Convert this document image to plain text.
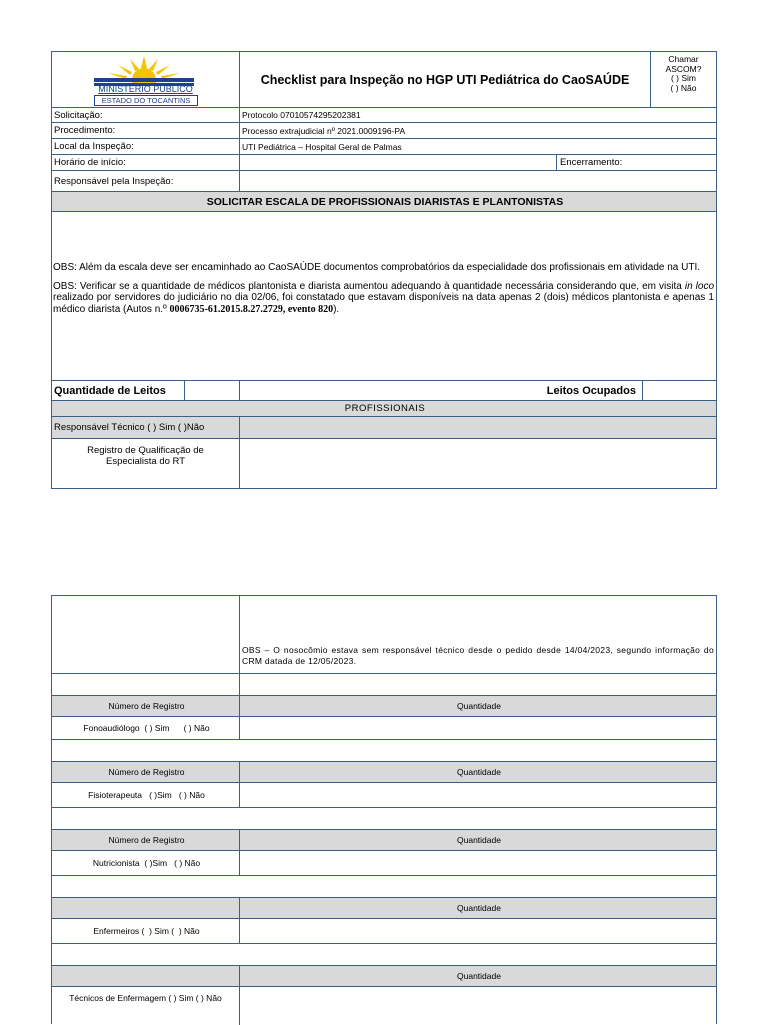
MINISTÉRIO PÚBLICO
ESTADO DO TOCANTINS
Checklist para Inspeção no HGP UTI Pediátrica do CaoSAÚDE
Chamar
ASCOM?
( ) Sim
( ) Não
Solicitação:	Protocolo 07010574295202381
Procedimento:	Processo extrajudicial nº 2021.0009196-PA
Local da Inspeção:	UTI Pediátrica – Hospital Geral de Palmas
Horário de início:	Encerramento:
Responsável pela Inspeção:
SOLICITAR ESCALA DE PROFISSIONAIS DIARISTAS E PLANTONISTAS

OBS: Além da escala deve ser encaminhado ao CaoSAÚDE documentos comprobatórios da especialidade dos profissionais em atividade na UTI.

OBS: Verificar se a quantidade de médicos plantonista e diarista aumentou adequando à quantidade necessária considerando que, em visita in loco realizado por servidores do judiciário no dia 02/06, foi constatado que estavam disponíveis na data apenas 2 (dois) médicos plantonista e apenas 1 médico diarista (Autos n.º 0006735-61.2015.8.27.2729, evento 820).

Quantidade de Leitos	Leitos Ocupados
PROFISSIONAIS
Responsável Técnico ( ) Sim ( )Não
Registro de Qualificação de Especialista do RT
OBS – O nosocômio estava sem responsável técnico desde o pedido desde 14/04/2023, segundo informação do CRM datada de 12/05/2023.
Número de Registro	Quantidade
Fonoaudiólogo  ( ) Sim      ( ) Não
Número de Registro	Quantidade
Fisioterapeuta   ( )Sim   ( ) Não
Número de Registro	Quantidade
Nutricionista  ( )Sim   ( ) Não
Quantidade
Enfermeiros (  ) Sim (  ) Não
Quantidade
Técnicos de Enfermagem ( ) Sim ( ) Não
